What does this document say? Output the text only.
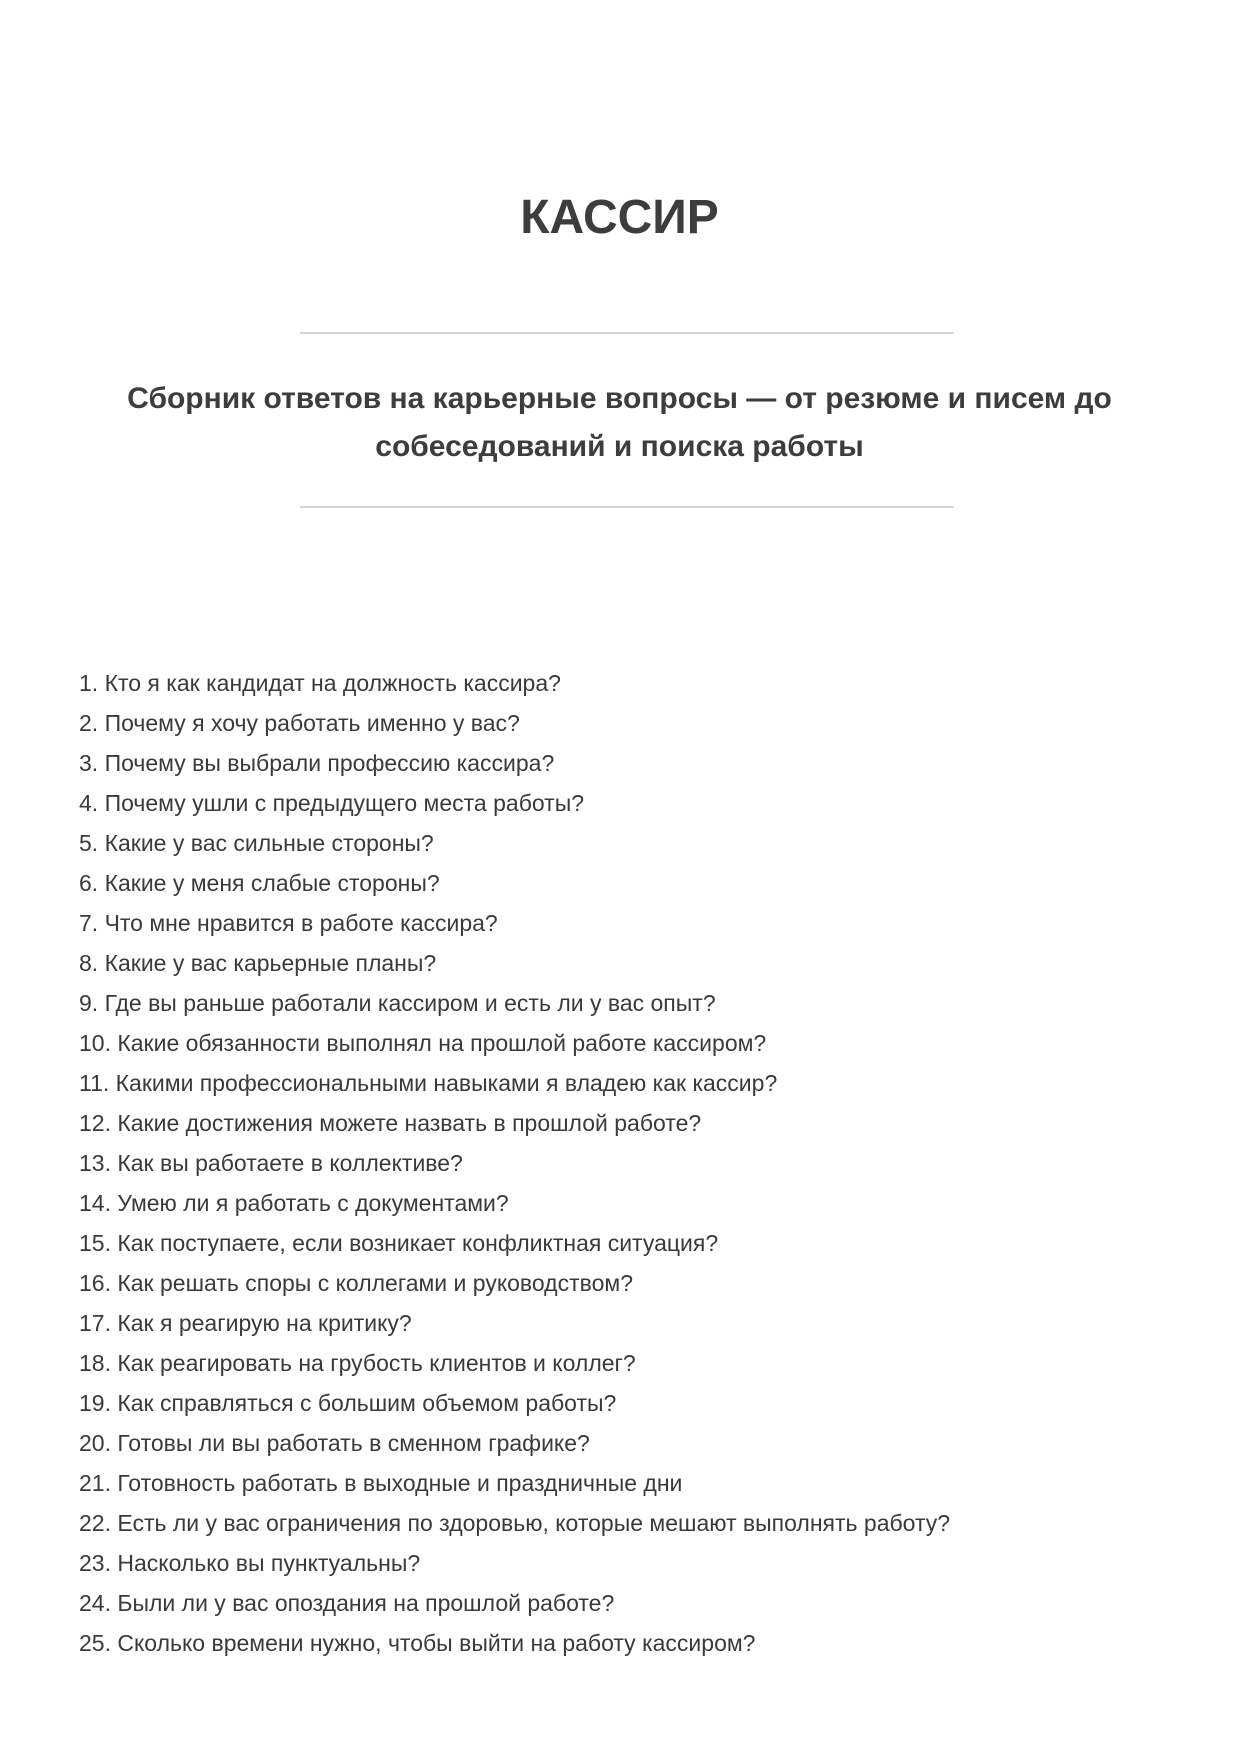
КАССИР
Сборник ответов на карьерные вопросы — от резюме и писем до
собеседований и поиска работы
1. Кто я как кандидат на должность кассира?
2. Почему я хочу работать именно у вас?
3. Почему вы выбрали профессию кассира?
4. Почему ушли с предыдущего места работы?
5. Какие у вас сильные стороны?
6. Какие у меня слабые стороны?
7. Что мне нравится в работе кассира?
8. Какие у вас карьерные планы?
9. Где вы раньше работали кассиром и есть ли у вас опыт?
10. Какие обязанности выполнял на прошлой работе кассиром?
11. Какими профессиональными навыками я владею как кассир?
12. Какие достижения можете назвать в прошлой работе?
13. Как вы работаете в коллективе?
14. Умею ли я работать с документами?
15. Как поступаете, если возникает конфликтная ситуация?
16. Как решать споры с коллегами и руководством?
17. Как я реагирую на критику?
18. Как реагировать на грубость клиентов и коллег?
19. Как справляться с большим объемом работы?
20. Готовы ли вы работать в сменном графике?
21. Готовность работать в выходные и праздничные дни
22. Есть ли у вас ограничения по здоровью, которые мешают выполнять работу?
23. Насколько вы пунктуальны?
24. Были ли у вас опоздания на прошлой работе?
25. Сколько времени нужно, чтобы выйти на работу кассиром?
